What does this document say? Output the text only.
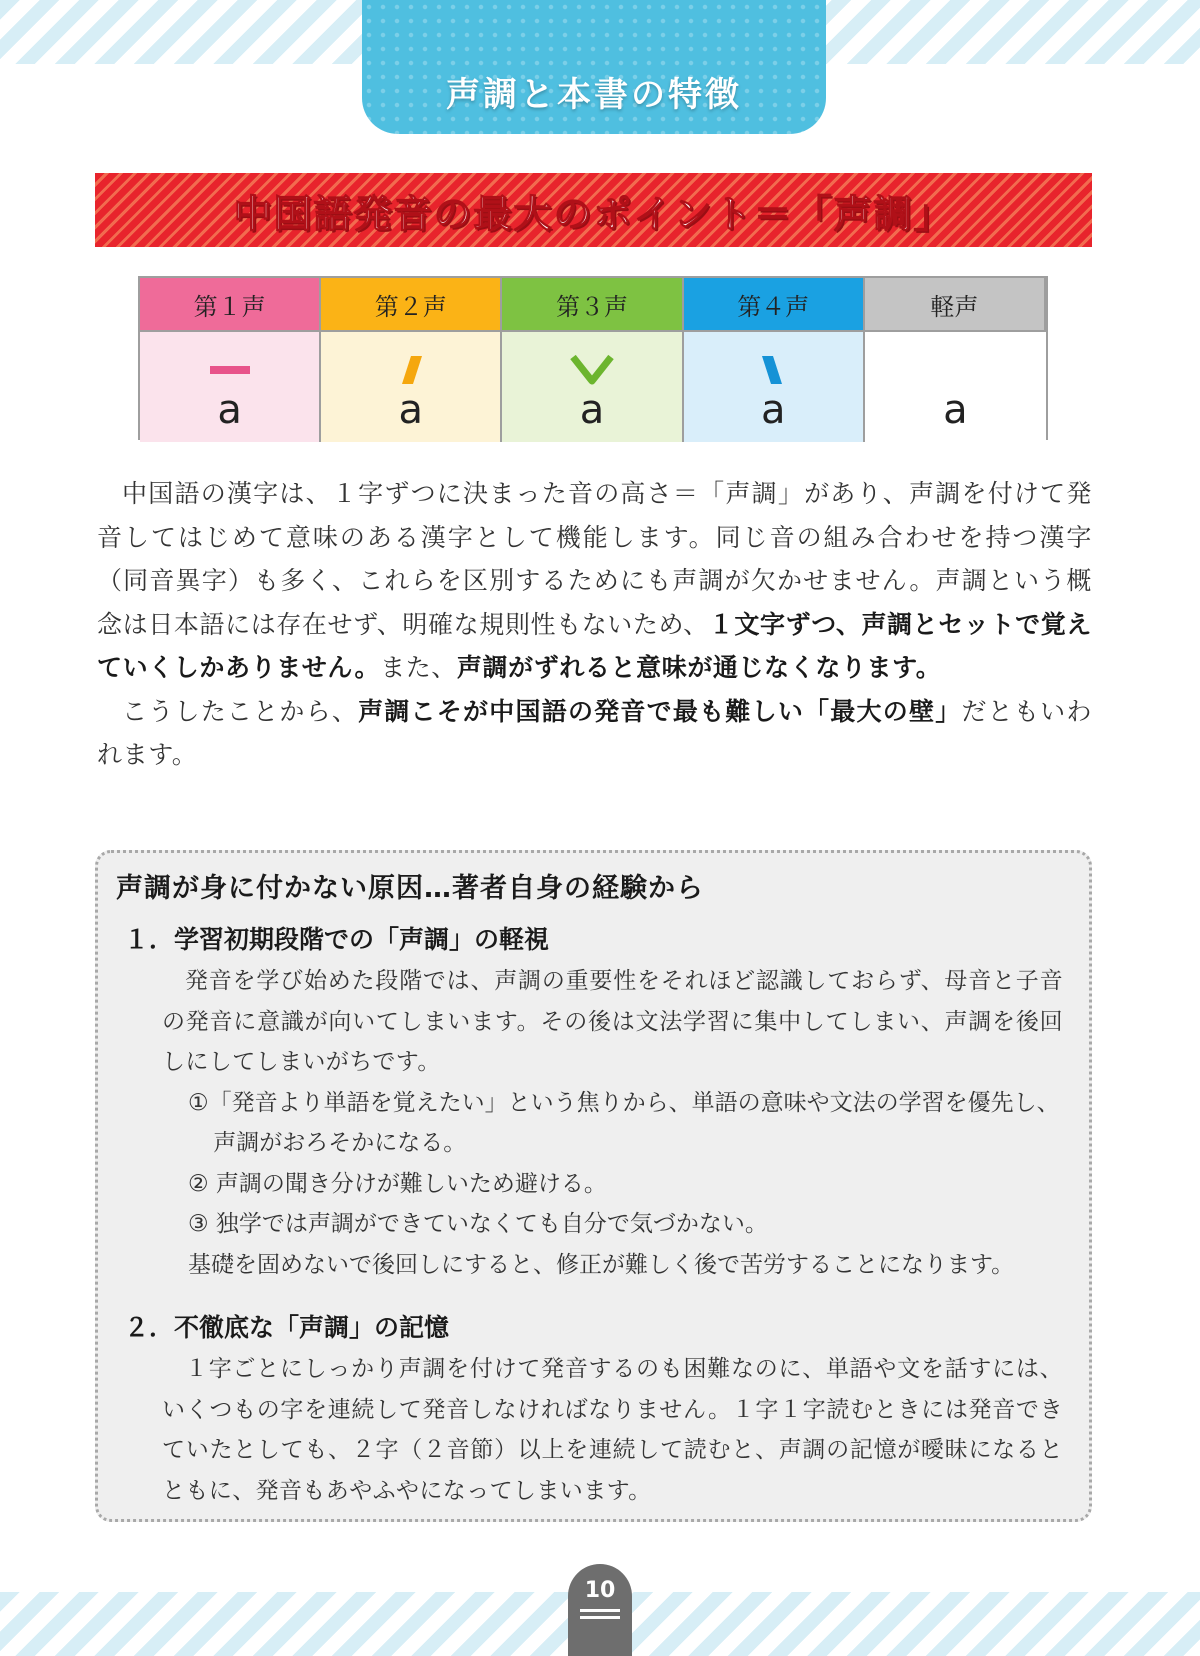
声調と本書の特徴
中国語発音の最大のポイント＝「声調」
第１声	第２声	第３声	第４声	軽声
a	a	a	a	a

中国語の漢字は、１字ずつに決まった音の高さ＝「声調」があり、声調を付けて発音してはじめて意味のある漢字として機能します。同じ音の組み合わせを持つ漢字（同音異字）も多く、これらを区別するためにも声調が欠かせません。声調という概念は日本語には存在せず、明確な規則性もないため、１文字ずつ、声調とセットで覚えていくしかありません。また、声調がずれると意味が通じなくなります。

こうしたことから、声調こそが中国語の発音で最も難しい「最大の壁」だともいわれます。

声調が身に付かない原因…著者自身の経験から
１．学習初期段階での「声調」の軽視

発音を学び始めた段階では、声調の重要性をそれほど認識しておらず、母音と子音の発音に意識が向いてしまいます。その後は文法学習に集中してしまい、声調を後回しにしてしまいがちです。

①「発音より単語を覚えたい」という焦りから、単語の意味や文法の学習を優先し、声調がおろそかになる。
② 声調の聞き分けが難しいため避ける。
③ 独学では声調ができていなくても自分で気づかない。

基礎を固めないで後回しにすると、修正が難しく後で苦労することになります。

２．不徹底な「声調」の記憶

１字ごとにしっかり声調を付けて発音するのも困難なのに、単語や文を話すには、いくつもの字を連続して発音しなければなりません。１字１字読むときには発音できていたとしても、２字（２音節）以上を連続して読むと、声調の記憶が曖昧になるとともに、発音もあやふやになってしまいます。

10
